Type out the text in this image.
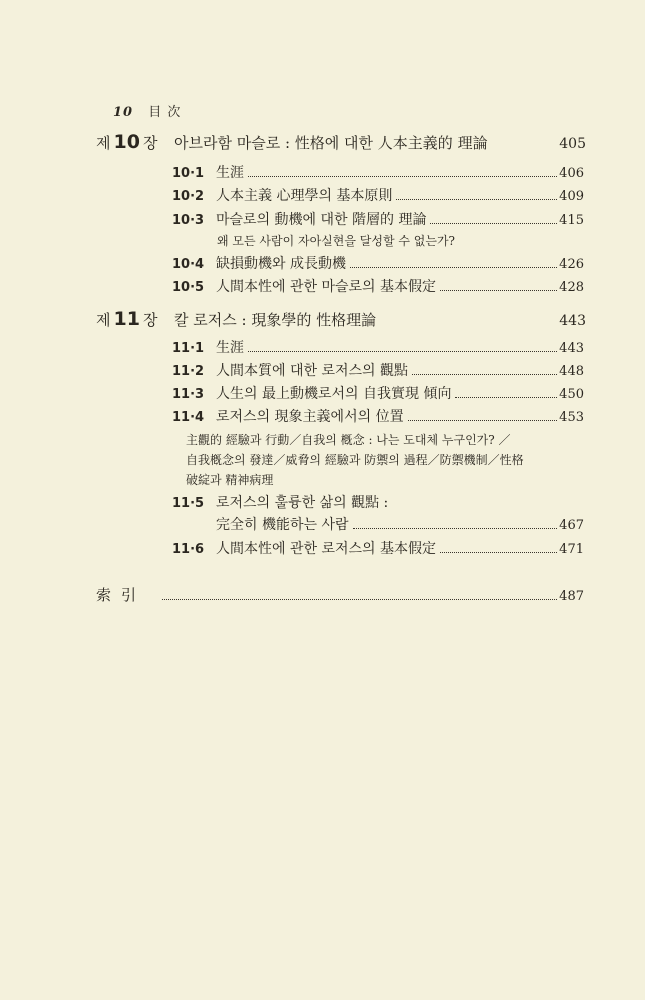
10 目 次
제 10 장	아브라함 마슬로 : 性格에 대한 人本主義的 理論	405
10·1 生涯	406
10·2 人本主義 心理學의 基本原則	409
10·3 마슬로의 動機에 대한 階層的 理論	415
왜 모든 사람이 자아실현을 달성할 수 없는가?
10·4 缺損動機와 成長動機	426
10·5 人間本性에 관한 마슬로의 基本假定	428
제 11 장	칼 로저스 : 現象學的 性格理論	443
11·1 生涯	443
11·2 人間本質에 대한 로저스의 觀點	448
11·3 人生의 最上動機로서의 自我實現 傾向	450
11·4 로저스의 現象主義에서의 位置	453
主觀的 經驗과 行動／自我의 槪念 : 나는 도대체 누구인가? ／
自我槪念의 發達／威脅의 經驗과 防禦의 過程／防禦機制／性格
破綻과 精神病理
11·5 로저스의 훌륭한 삶의 觀點 :
完全히 機能하는 사람	467
11·6 人間本性에 관한 로저스의 基本假定	471
索引	487
